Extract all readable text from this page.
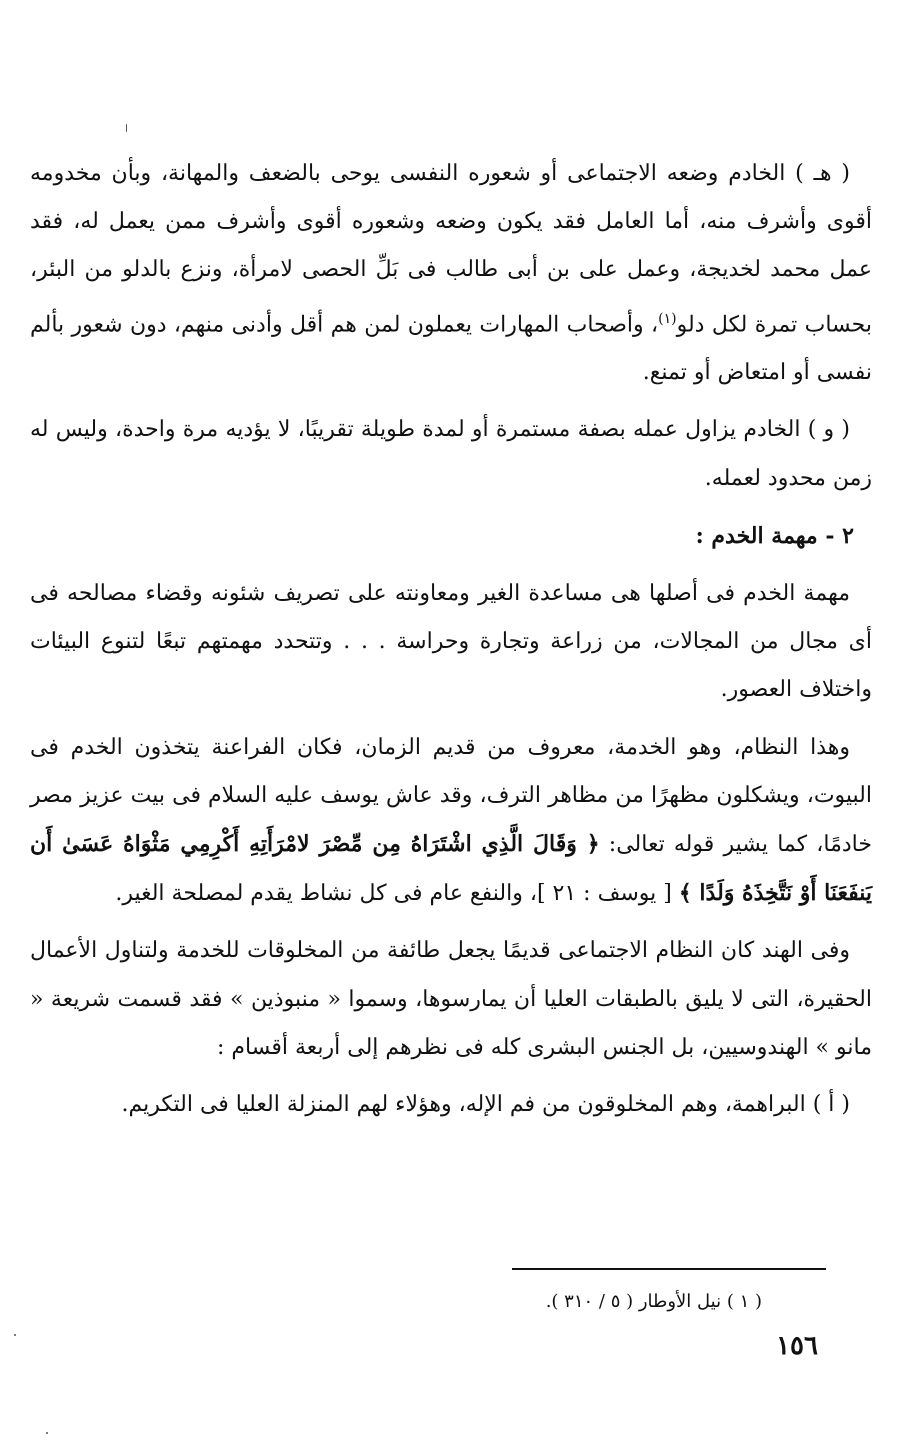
( هـ ) الخادم وضعه الاجتماعى أو شعوره النفسى يوحى بالضعف والمهانة، وبأن مخدومه أقوى وأشرف منه، أما العامل فقد يكون وضعه وشعوره أقوى وأشرف ممن يعمل له، فقد عمل محمد لخديجة، وعمل على بن أبى طالب فى بَلِّ الحصى لامرأة، ونزع بالدلو من البئر، بحساب تمرة لكل دلو$^{(١)}$، وأصحاب المهارات يعملون لمن هم أقل وأدنى منهم، دون شعور بألم نفسى أو امتعاض أو تمنع.

( و ) الخادم يزاول عمله بصفة مستمرة أو لمدة طويلة تقريبًا، لا يؤديه مرة واحدة، وليس له زمن محدود لعمله.

٢ - مهمة الخدم :

مهمة الخدم فى أصلها هى مساعدة الغير ومعاونته على تصريف شئونه وقضاء مصالحه فى أى مجال من المجالات، من زراعة وتجارة وحراسة . . . وتتحدد مهمتهم تبعًا لتنوع البيئات واختلاف العصور.

وهذا النظام، وهو الخدمة، معروف من قديم الزمان، فكان الفراعنة يتخذون الخدم فى البيوت، ويشكلون مظهرًا من مظاهر الترف، وقد عاش يوسف عليه السلام فى بيت عزيز مصر خادمًا، كما يشير قوله تعالى: ﴿ وَقَالَ الَّذِي اشْتَرَاهُ مِن مِّصْرَ لامْرَأَتِهِ أَكْرِمِي مَثْوَاهُ عَسَىٰ أَن يَنفَعَنَا أَوْ نَتَّخِذَهُ وَلَدًا ﴾ [ يوسف : ٢١ ]، والنفع عام فى كل نشاط يقدم لمصلحة الغير.

وفى الهند كان النظام الاجتماعى قديمًا يجعل طائفة من المخلوقات للخدمة ولتناول الأعمال الحقيرة، التى لا يليق بالطبقات العليا أن يمارسوها، وسموا « منبوذين » فقد قسمت شريعة « مانو » الهندوسيين، بل الجنس البشرى كله فى نظرهم إلى أربعة أقسام :

( أ ) البراهمة، وهم المخلوقون من فم الإله، وهؤلاء لهم المنزلة العليا فى التكريم.

( ١ ) نيل الأوطار ( ٥ / ٣١٠ ).
١٥٦
